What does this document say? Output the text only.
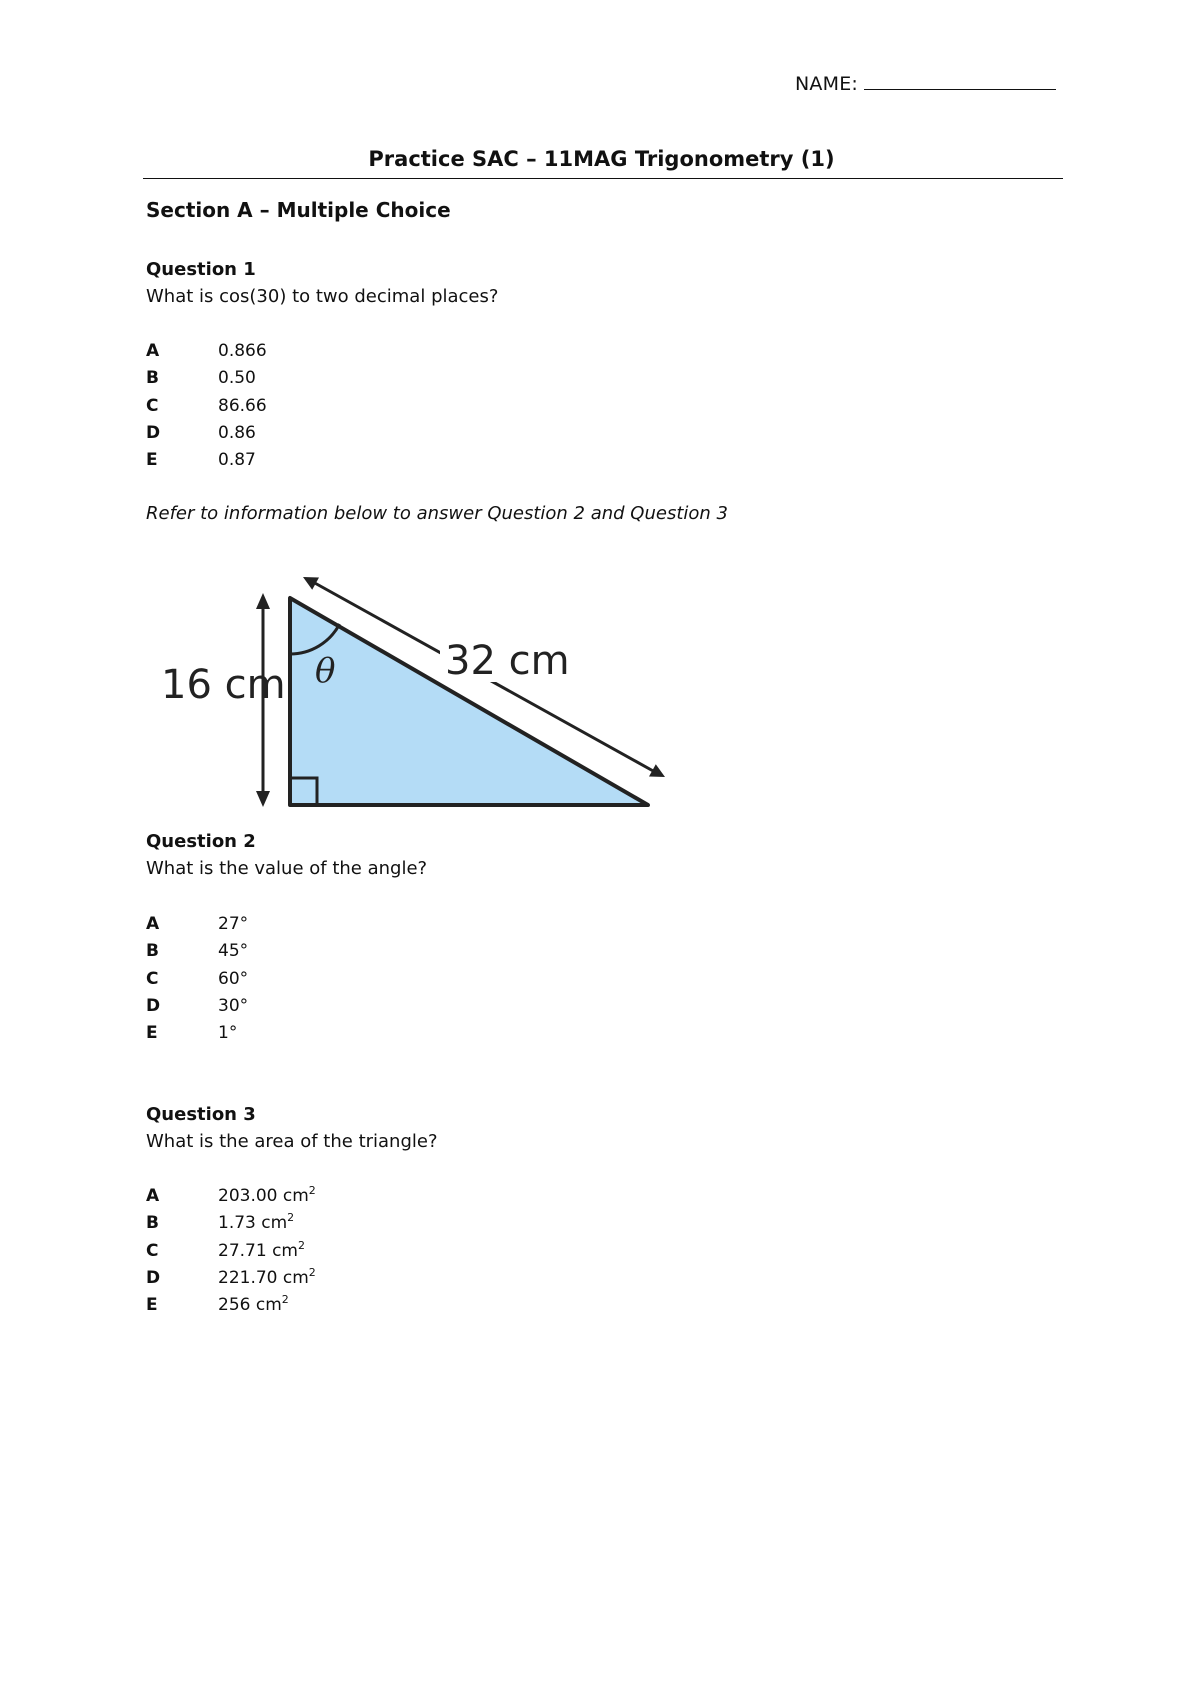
NAME:
Practice SAC – 11MAG Trigonometry (1)
Section A – Multiple Choice
Question 1
What is cos(30) to two decimal places?
A	0.866
B	0.50
C	86.66
D	0.86
E	0.87
Refer to information below to answer Question 2 and Question 3
16 cm θ	32 cm
Question 2
What is the value of the angle?
A	27°
B	45°
C	60°
D	30°
E	1°
Question 3
What is the area of the triangle?
A	203.00 $cm^2$
B	1.73 $cm^2$
C	27.71 $cm^2$
D	221.70 $cm^2$
E	256 $cm^2$
